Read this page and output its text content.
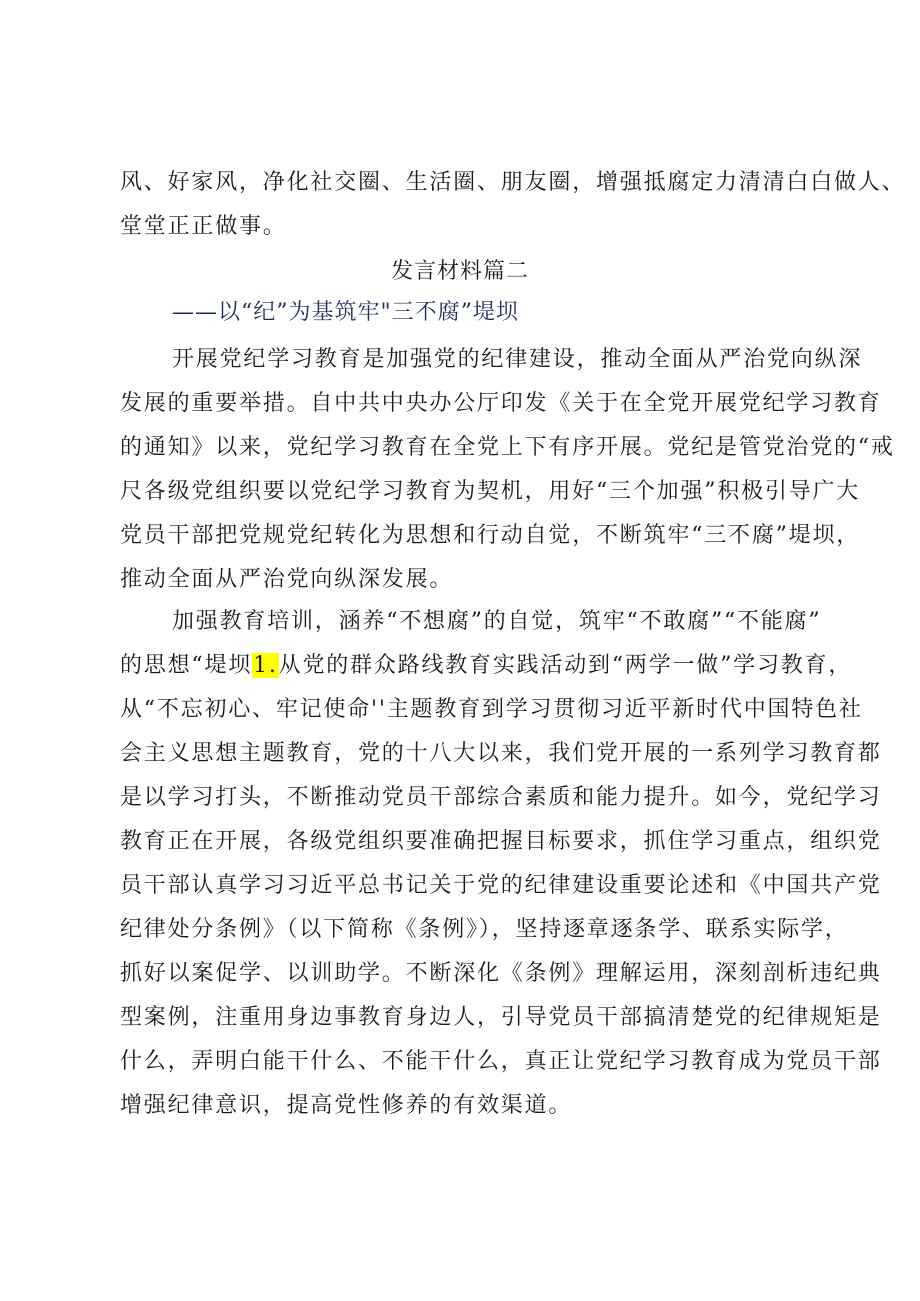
风、好家风，净化社交圈、生活圈、朋友圈，增强抵腐定力清清白白做人、
堂堂正正做事。
发言材料篇二
——以“纪”为基筑牢"三不腐”堤坝
开展党纪学习教育是加强党的纪律建设，推动全面从严治党向纵深
发展的重要举措。自中共中央办公厅印发《关于在全党开展党纪学习教育
的通知》以来，党纪学习教育在全党上下有序开展。党纪是管党治党的“戒
尺各级党组织要以党纪学习教育为契机，用好“三个加强”积极引导广大
党员干部把党规党纪转化为思想和行动自觉，不断筑牢“三不腐”堤坝，
推动全面从严治党向纵深发展。
加强教育培训，涵养“不想腐”的自觉，筑牢“不敢腐”“不能腐”
的思想“堤坝1.从党的群众路线教育实践活动到“两学一做”学习教育，
从“不忘初心、牢记使命''主题教育到学习贯彻习近平新时代中国特色社
会主义思想主题教育，党的十八大以来，我们党开展的一系列学习教育都
是以学习打头，不断推动党员干部综合素质和能力提升。如今，党纪学习
教育正在开展，各级党组织要准确把握目标要求，抓住学习重点，组织党
员干部认真学习习近平总书记关于党的纪律建设重要论述和《中国共产党
纪律处分条例》（以下简称《条例》），坚持逐章逐条学、联系实际学，
抓好以案促学、以训助学。不断深化《条例》理解运用，深刻剖析违纪典
型案例，注重用身边事教育身边人，引导党员干部搞清楚党的纪律规矩是
什么，弄明白能干什么、不能干什么，真正让党纪学习教育成为党员干部
增强纪律意识，提高党性修养的有效渠道。
